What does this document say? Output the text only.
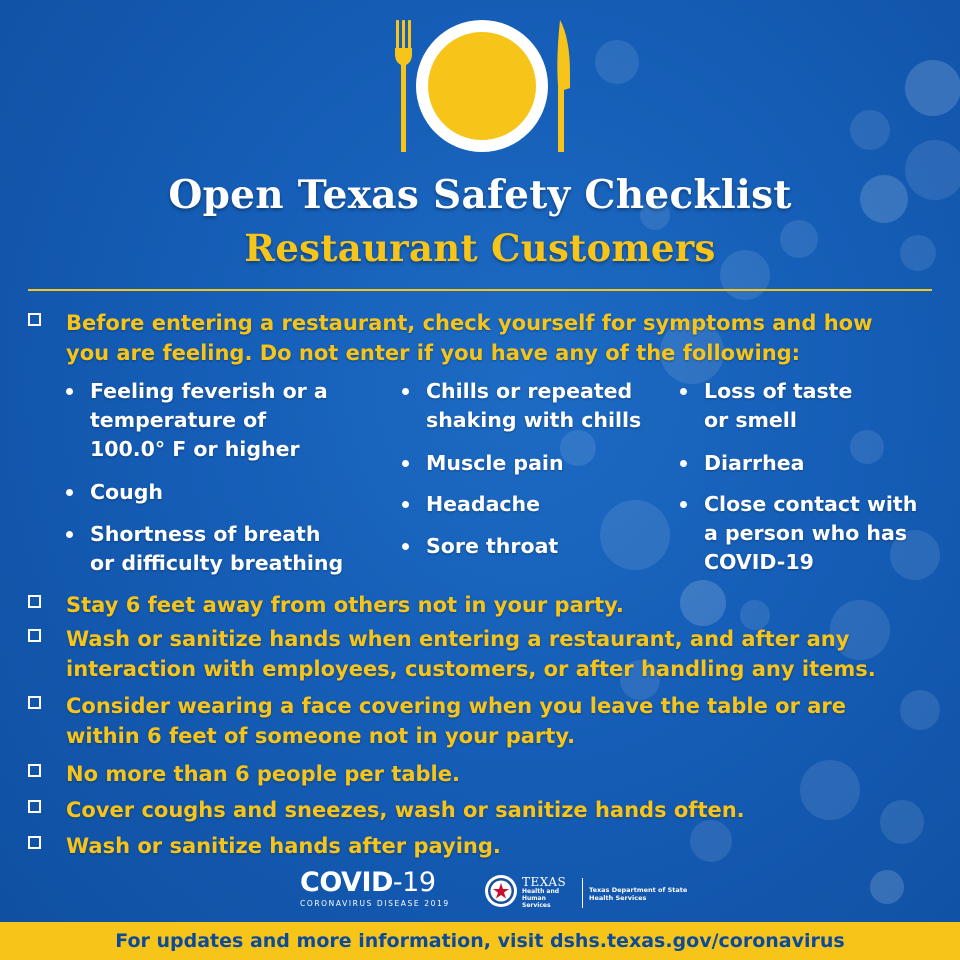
Open Texas Safety Checklist
Restaurant Customers
Before entering a restaurant, check yourself for symptoms and how
you are feeling. Do not enter if you have any of the following:
Feeling feverish or a
temperature of
100.0° F or higher
Cough
Shortness of breath
or difficulty breathing
Chills or repeated
shaking with chills
Muscle pain
Headache
Sore throat
Loss of taste
or smell
Diarrhea
Close contact with
a person who has
COVID-19
Stay 6 feet away from others not in your party.
Wash or sanitize hands when entering a restaurant, and after any
interaction with employees, customers, or after handling any items.
Consider wearing a face covering when you leave the table or are
within 6 feet of someone not in your party.
No more than 6 people per table.
Cover coughs and sneezes, wash or sanitize hands often.
Wash or sanitize hands after paying.
COVID-19
CORONAVIRUS DISEASE 2019
TEXAS
Health and Human
Services
Texas Department of State
Health Services
For updates and more information, visit dshs.texas.gov/coronavirus
